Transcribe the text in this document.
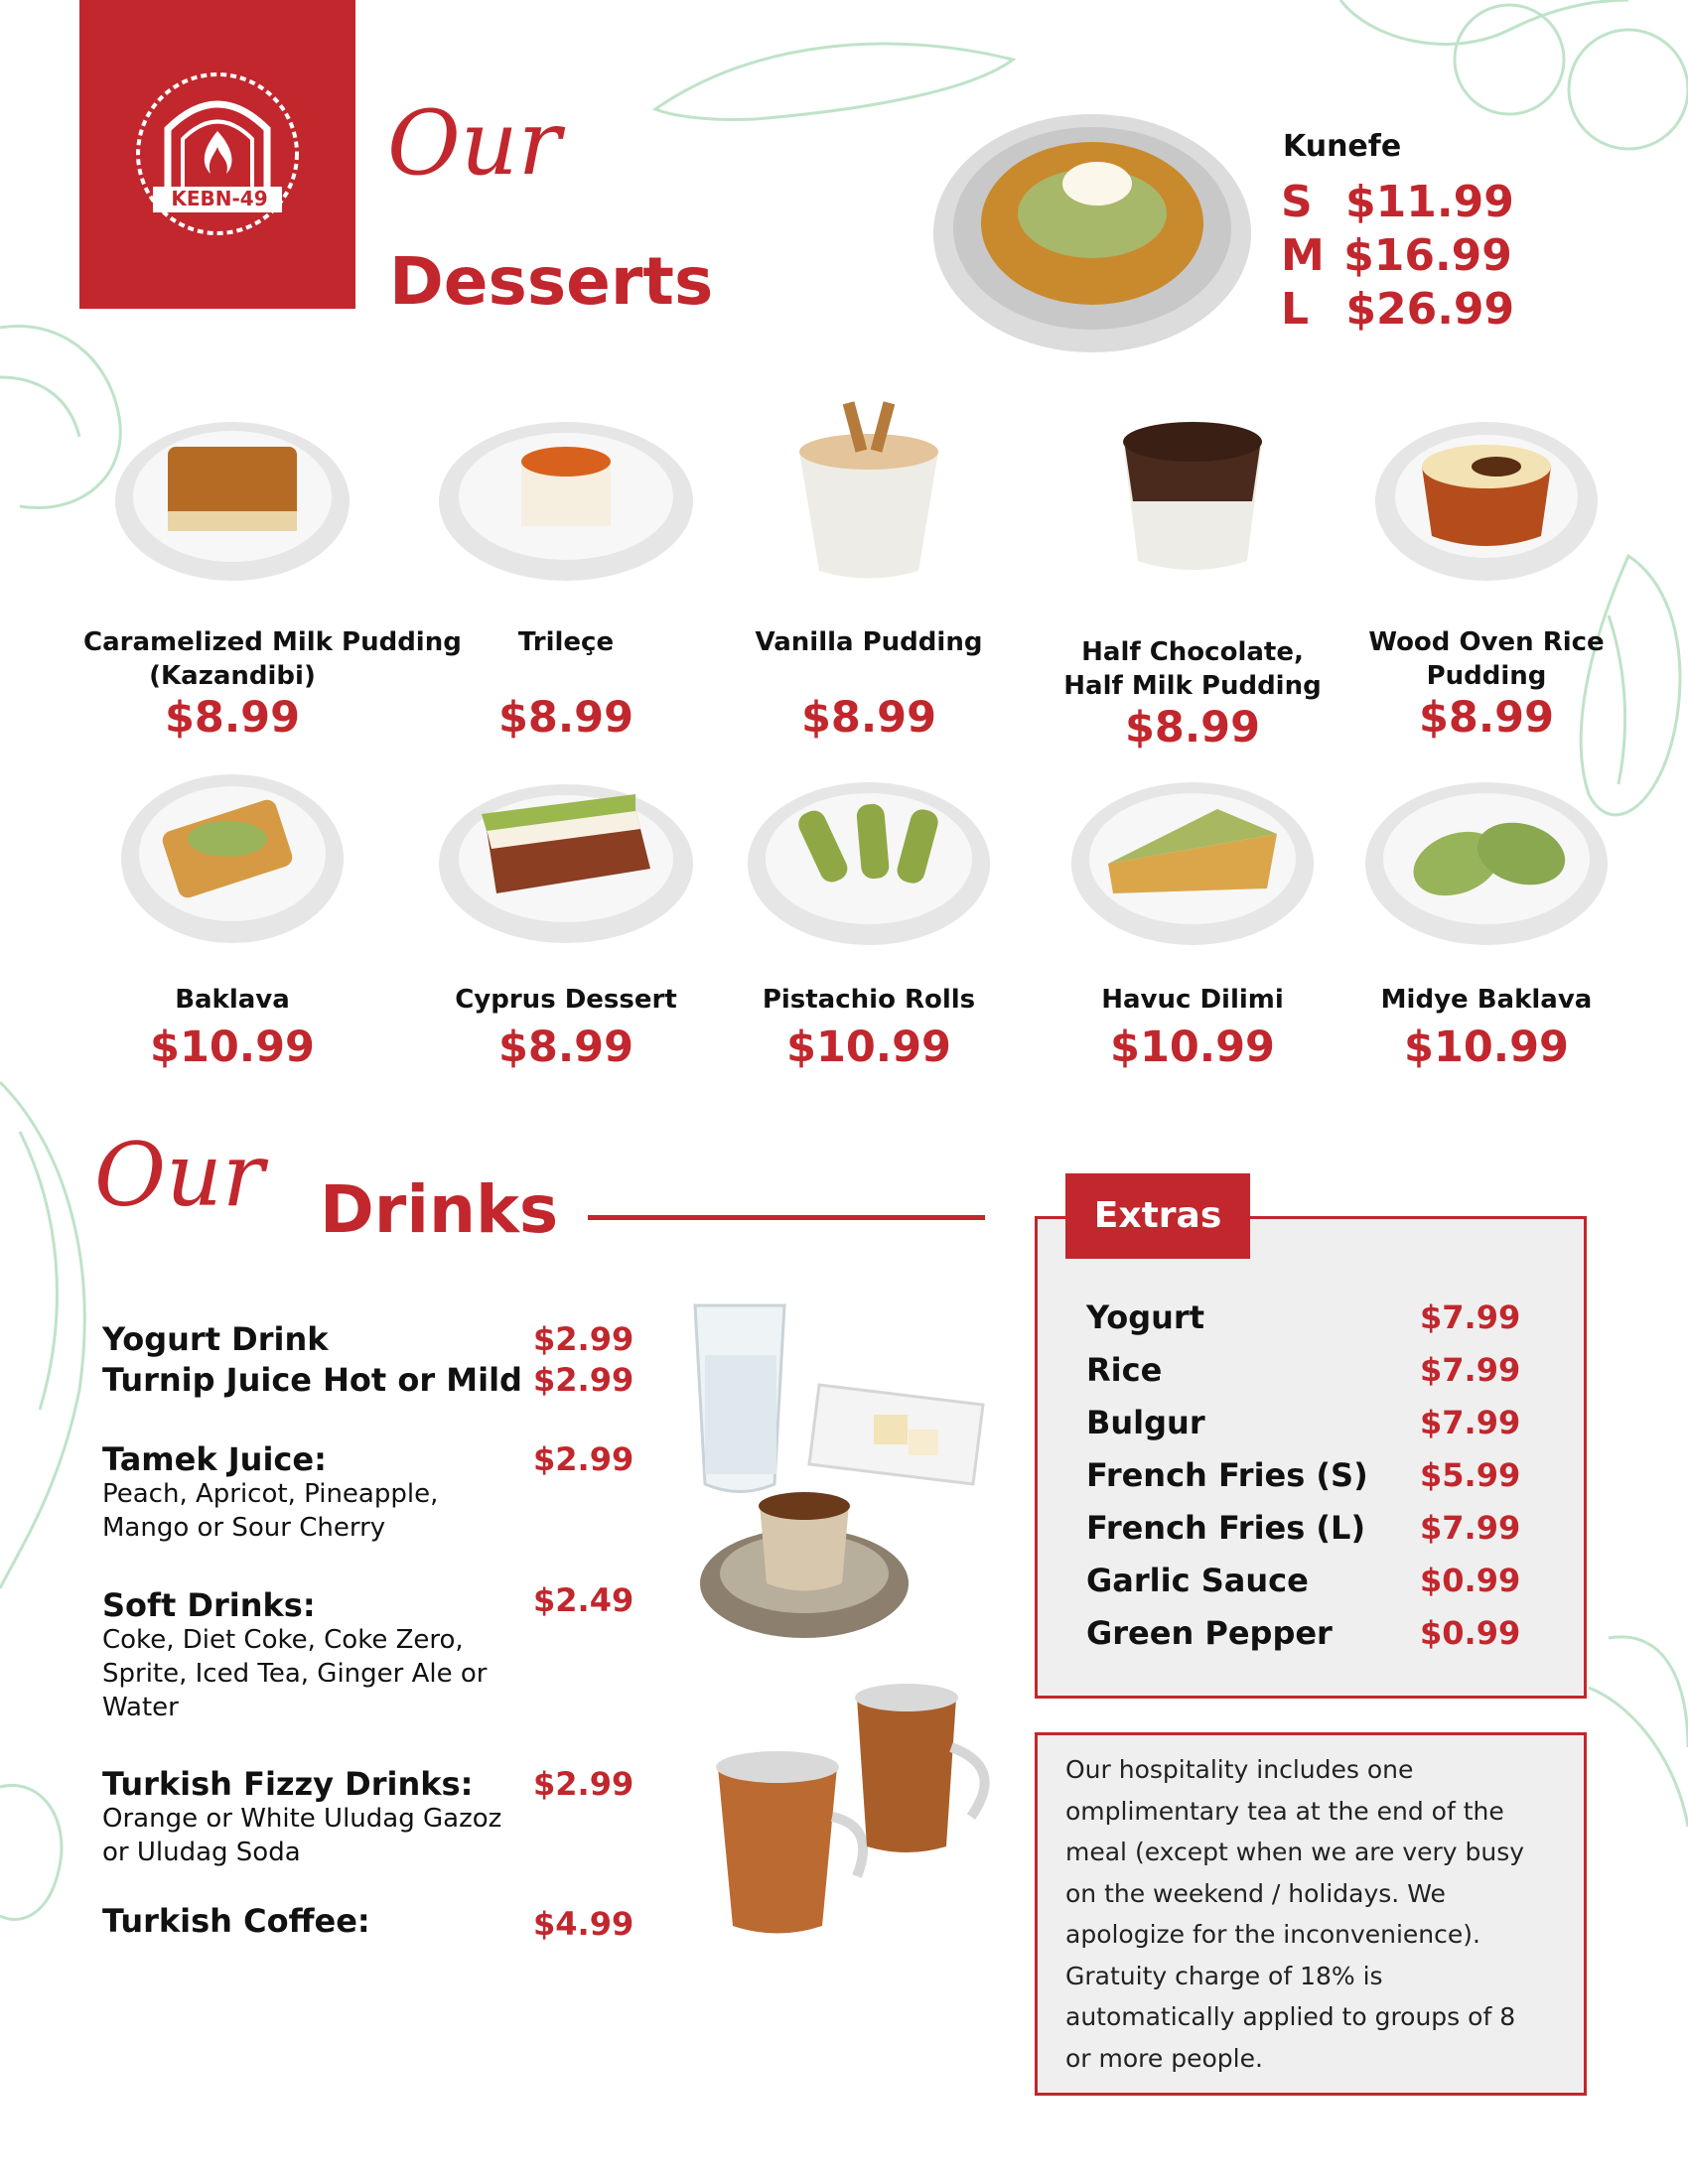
KEBN-49
Our
Desserts
Kunefe
S $11.99
M $16.99
L $26.99
Caramelized Milk Pudding
(Kazandibi)
$8.99
Trileçe

$8.99
Vanilla Pudding

$8.99
Half Chocolate,
Half Milk Pudding
$8.99
Wood Oven Rice
Pudding
$8.99
Baklava
$10.99
Cyprus Dessert
$8.99
Pistachio Rolls
$10.99
Havuc Dilimi
$10.99
Midye Baklava
$10.99
Our Drinks
Yogurt Drink	$2.99
Turnip Juice Hot or Mild $2.99
Tamek Juice:	$2.99
Peach, Apricot, Pineapple,
Mango or Sour Cherry
Soft Drinks:	$2.49
Coke, Diet Coke, Coke Zero,
Sprite, Iced Tea, Ginger Ale or
Water
Turkish Fizzy Drinks: $2.99
Orange or White Uludag Gazoz
or Uludag Soda
Turkish Coffee:	$4.99
Extras
Yogurt	$7.99
Rice	$7.99
Bulgur	$7.99
French Fries (S) $5.99
French Fries (L) $7.99
Garlic Sauce	$0.99
Green Pepper	$0.99
Our hospitality includes one
omplimentary tea at the end of the
meal (except when we are very busy
on the weekend / holidays. We
apologize for the inconvenience).
Gratuity charge of 18% is
automatically applied to groups of 8
or more people.
